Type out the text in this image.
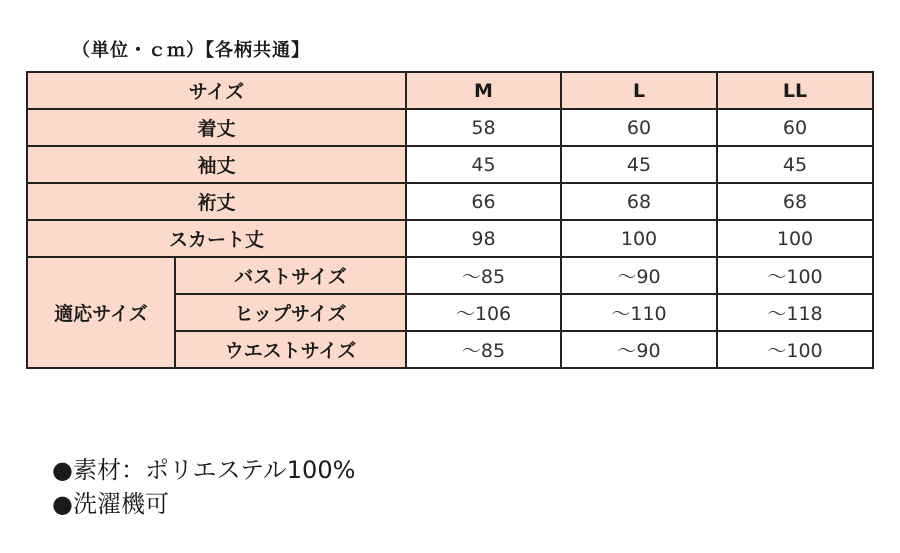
（単位・ｃｍ）【各柄共通】
サイズ		M	L	LL
着丈		58	60	60
袖丈		45	45	45
裄丈		66	68	68
スカート丈		98	100	100
適応サイズ	バストサイズ	～85	～90	～100
	ヒップサイズ	～106	～110	～118
	ウエストサイズ	～85	～90	～100
●素材：ポリエステル100%
●洗濯機可
